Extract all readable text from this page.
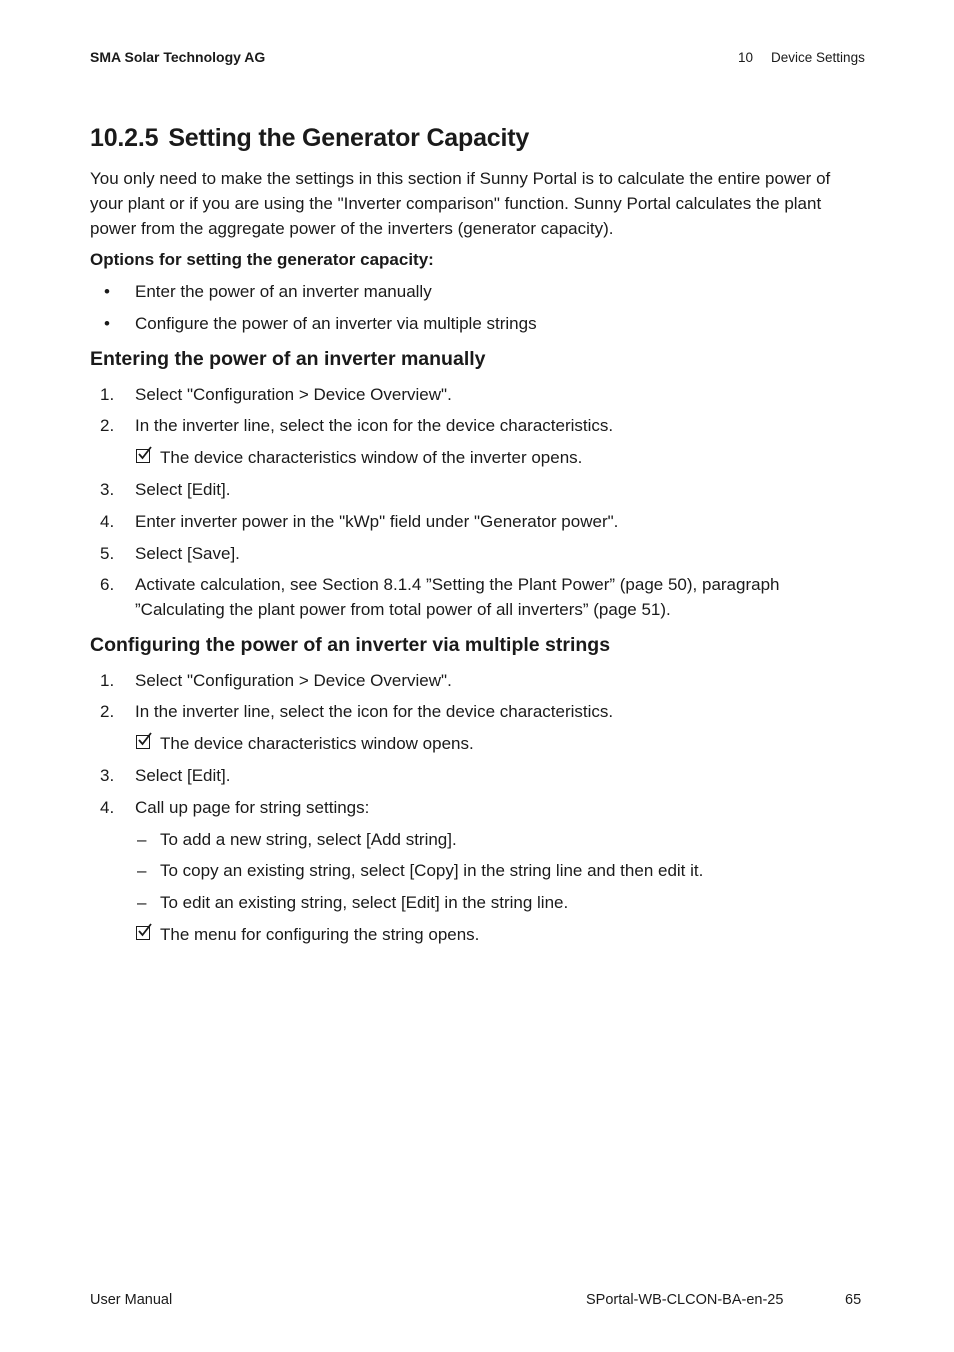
SMA Solar Technology AG	10 Device Settings
10.2.5 Setting the Generator Capacity
You only need to make the settings in this section if Sunny Portal is to calculate the entire power of
your plant or if you are using the "Inverter comparison" function. Sunny Portal calculates the plant
power from the aggregate power of the inverters (generator capacity).
Options for setting the generator capacity:
• Enter the power of an inverter manually
• Configure the power of an inverter via multiple strings
Entering the power of an inverter manually
1. Select "Configuration > Device Overview".
2. In the inverter line, select the icon for the device characteristics.
The device characteristics window of the inverter opens.
3. Select [Edit].
4. Enter inverter power in the "kWp" field under "Generator power".
5. Select [Save].
6. Activate calculation, see Section 8.1.4 ”Setting the Plant Power” (page 50), paragraph
”Calculating the plant power from total power of all inverters” (page 51).
Configuring the power of an inverter via multiple strings
1. Select "Configuration > Device Overview".
2. In the inverter line, select the icon for the device characteristics.
The device characteristics window opens.
3. Select [Edit].
4. Call up page for string settings:
– To add a new string, select [Add string].
– To copy an existing string, select [Copy] in the string line and then edit it.
– To edit an existing string, select [Edit] in the string line.
The menu for configuring the string opens.
User Manual	SPortal-WB-CLCON-BA-en-25	65
